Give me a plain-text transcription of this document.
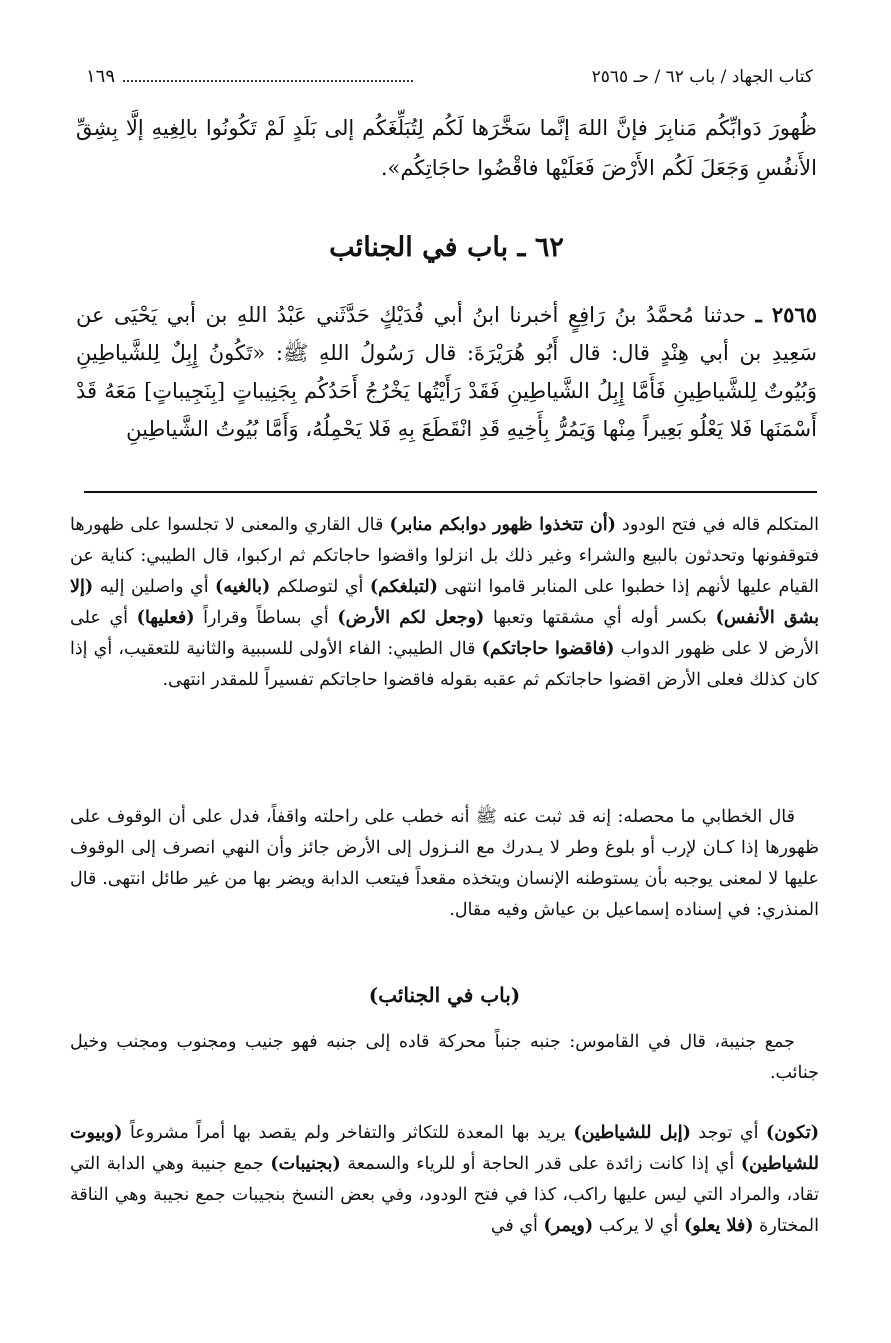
كتاب الجهاد / باب ٦٢ / حـ ٢٥٦٥
١٦٩
ظُهورَ دَوابِّكُم مَنابِرَ فإنَّ اللهَ إنَّما سَخَّرَها لَكُم لِتُبَلِّغَكُم إلى بَلَدٍ لَمْ تَكُونُوا بالِغِيهِ إلَّا بِشِقِّ الأَنفُسِ وَجَعَلَ لَكُم الأَرْضَ فَعَلَيْها فاقْضُوا حاجَاتِكُم».
٦٢ ـ باب في الجنائب
٢٥٦٥ ـ حدثنا مُحمَّدُ بنُ رَافِعٍ أخبرنا ابنُ أبي فُدَيْكٍ حَدَّثَني عَبْدُ اللهِ بن أبي يَحْيَى عن سَعِيدِ بن أبي هِنْدٍ قال: قال أَبُو هُرَيْرَةَ: قال رَسُولُ اللهِ ﷺ: «تَكُونُ إِبِلٌ لِلشَّياطِينِ وَبُيُوتٌ لِلشَّياطِينِ فَأَمَّا إِبِلُ الشَّياطِينِ فَقَدْ رَأَيْتُها يَخْرُجُ أَحَدُكُم بِجَنِيباتٍ [بِنَجِيباتٍ] مَعَهُ قَدْ أَسْمَنَها فَلا يَعْلُو بَعِيراً مِنْها وَيَمُرُّ بِأَخِيهِ قَدِ انْقَطَعَ بِهِ فَلا يَحْمِلُهُ، وَأَمَّا بُيُوتُ الشَّياطِينِ
المتكلم قاله في فتح الودود (أن تتخذوا ظهور دوابكم منابر) قال القاري والمعنى لا تجلسوا على ظهورها فتوقفونها وتحدثون بالبيع والشراء وغير ذلك بل انزلوا واقضوا حاجاتكم ثم اركبوا، قال الطيبي: كناية عن القيام عليها لأنهم إذا خطبوا على المنابر قاموا انتهى (لتبلغكم) أي لتوصلكم (بالغيه) أي واصلين إليه (إلا بشق الأنفس) بكسر أوله أي مشقتها وتعبها (وجعل لكم الأرض) أي بساطاً وقراراً (فعليها) أي على الأرض لا على ظهور الدواب (فاقضوا حاجاتكم) قال الطيبي: الفاء الأولى للسببية والثانية للتعقيب، أي إذا كان كذلك فعلى الأرض اقضوا حاجاتكم ثم عقبه بقوله فاقضوا حاجاتكم تفسيراً للمقدر انتهى.

قال الخطابي ما محصله: إنه قد ثبت عنه ﷺ أنه خطب على راحلته واقفاً، فدل على أن الوقوف على ظهورها إذا كـان لإرب أو بلوغ وطر لا يـدرك مع النـزول إلى الأرض جائز وأن النهي انصرف إلى الوقوف عليها لا لمعنى يوجبه بأن يستوطنه الإنسان ويتخذه مقعداً فيتعب الدابة ويضر بها من غير طائل انتهى. قال المنذري: في إسناده إسماعيل بن عياش وفيه مقال.

(باب في الجنائب)

جمع جنيبة، قال في القاموس: جنبه جنباً محركة قاده إلى جنبه فهو جنيب ومجنوب ومجنب وخيل جنائب.

(تكون) أي توجد (إبل للشياطين) يريد بها المعدة للتكاثر والتفاخر ولم يقصد بها أمراً مشروعاً (وبيوت للشياطين) أي إذا كانت زائدة على قدر الحاجة أو للرياء والسمعة (بجنيبات) جمع جنيبة وهي الدابة التي تقاد، والمراد التي ليس عليها راكب، كذا في فتح الودود، وفي بعض النسخ بنجيبات جمع نجيبة وهي الناقة المختارة (فلا يعلو) أي لا يركب (ويمر) أي في
